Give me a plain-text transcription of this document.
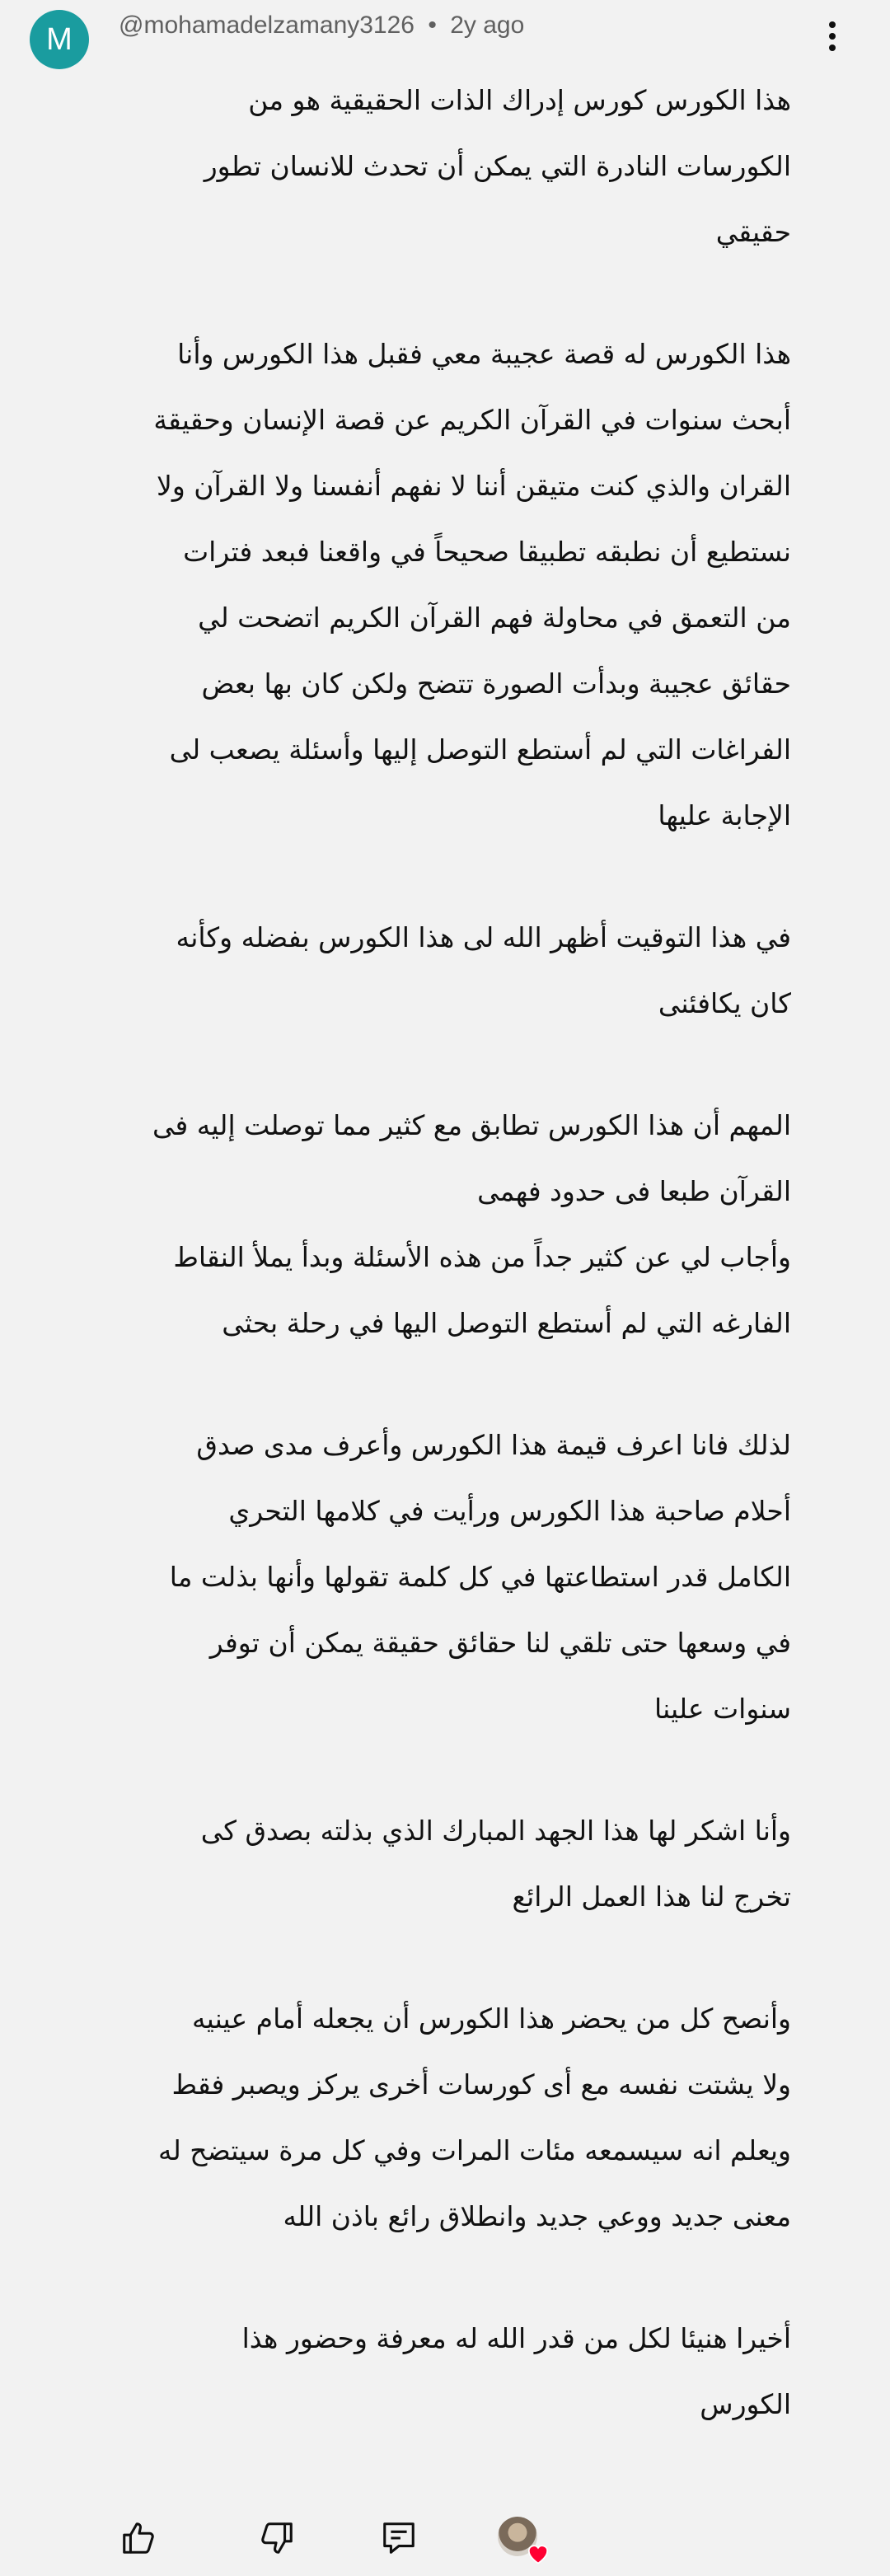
M @mohamadelzamany3126 • 2y ago

هذا الكورس كورس إدراك الذات الحقيقية هو من
الكورسات النادرة التي يمكن أن تحدث للانسان تطور
حقيقي

هذا الكورس له قصة عجيبة معي فقبل هذا الكورس وأنا
أبحث سنوات في القرآن الكريم عن قصة الإنسان وحقيقة
القران والذي كنت متيقن أننا لا نفهم أنفسنا ولا القرآن ولا
نستطيع أن نطبقه تطبيقا صحيحاً في واقعنا فبعد فترات
من التعمق في محاولة فهم القرآن الكريم اتضحت لي
حقائق عجيبة وبدأت الصورة تتضح ولكن كان بها بعض
الفراغات التي لم أستطع التوصل إليها وأسئلة يصعب لى
الإجابة عليها

في هذا التوقيت أظهر الله لى هذا الكورس بفضله وكأنه
كان يكافئنى

المهم أن هذا الكورس تطابق مع كثير مما توصلت إليه فى
القرآن طبعا فى حدود فهمى
وأجاب لي عن كثير جداً من هذه الأسئلة وبدأ يملأ النقاط
الفارغه التي لم أستطع التوصل اليها في رحلة بحثى

لذلك فانا اعرف قيمة هذا الكورس وأعرف مدى صدق
أحلام صاحبة هذا الكورس ورأيت في كلامها التحري
الكامل قدر استطاعتها في كل كلمة تقولها وأنها بذلت ما
في وسعها حتى تلقي لنا حقائق حقيقة يمكن أن توفر
سنوات علينا

وأنا اشكر لها هذا الجهد المبارك الذي بذلته بصدق كى
تخرج لنا هذا العمل الرائع

وأنصح كل من يحضر هذا الكورس أن يجعله أمام عينيه
ولا يشتت نفسه مع أى كورسات أخرى يركز ويصبر فقط
ويعلم انه سيسمعه مئات المرات وفي كل مرة سيتضح له
معنى جديد ووعي جديد وانطلاق رائع باذن الله

أخيرا هنيئا لكل من قدر الله له معرفة وحضور هذا
الكورس
